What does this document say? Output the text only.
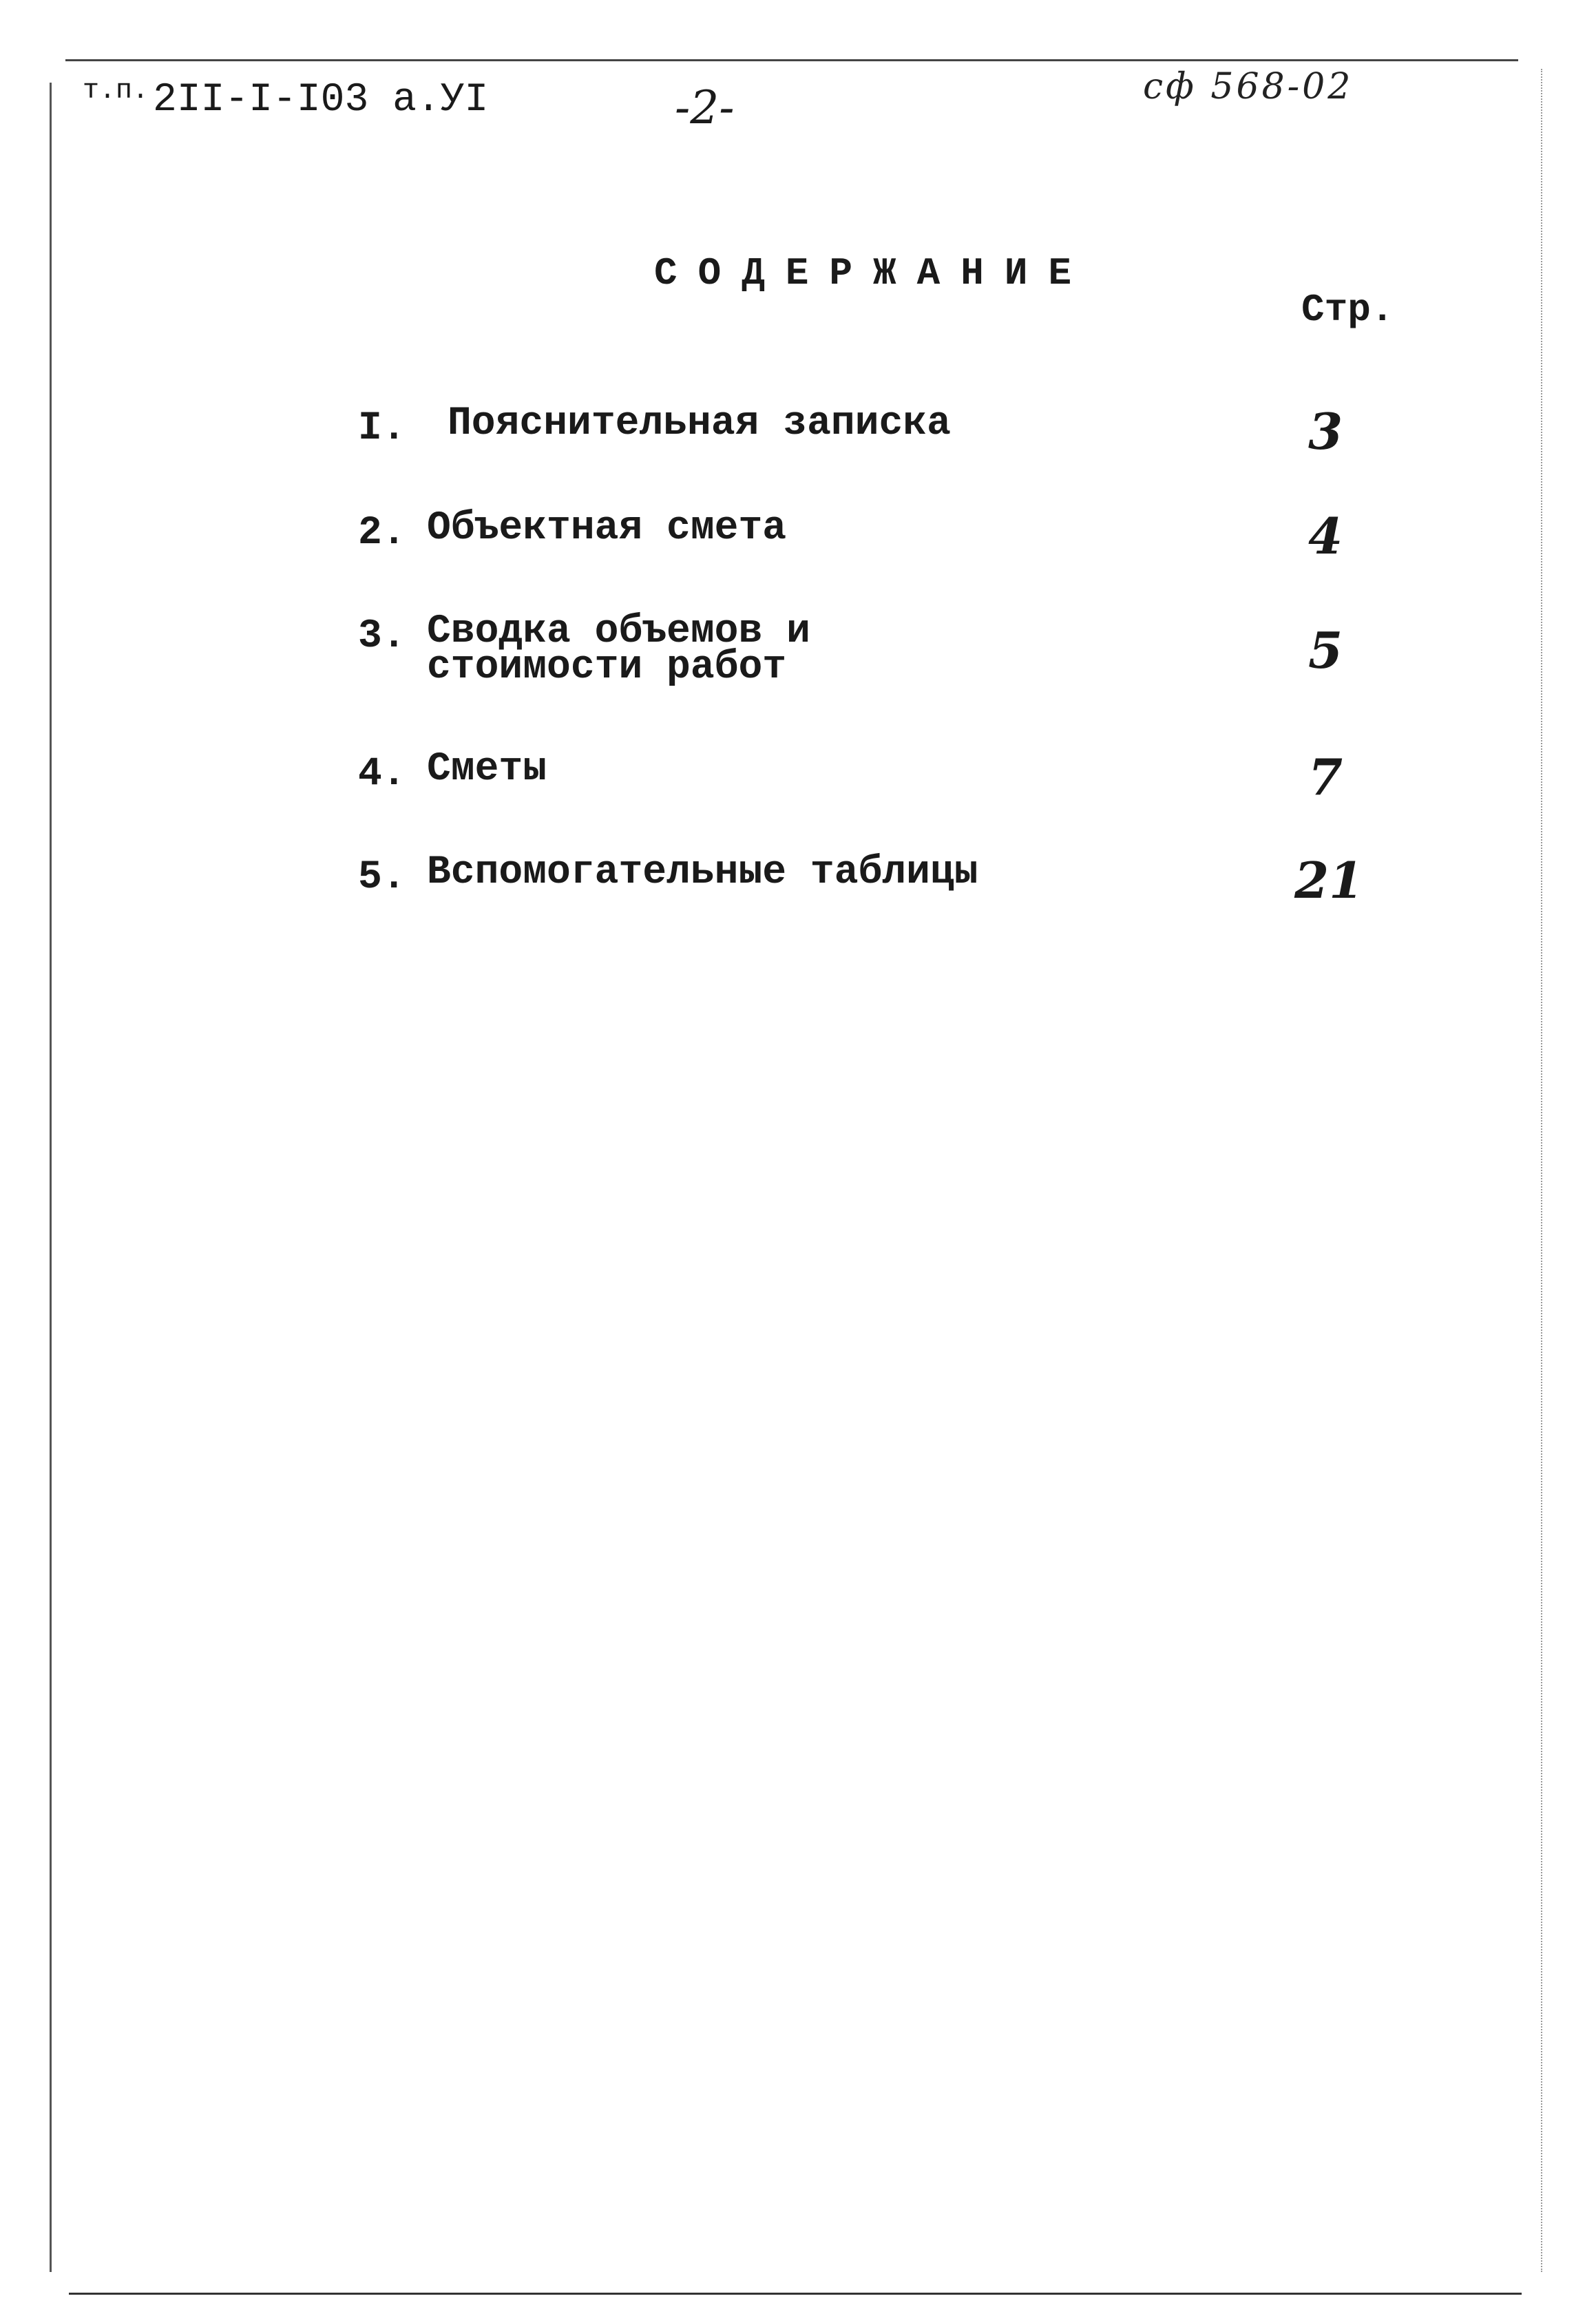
$^{т.п.}$ 2II-I-I03 а.УI	-2-	сф 568-02
СОДЕРЖАНИЕ
Стр.
I. Пояснительная записка	3
2. Объектная смета	4
3. Сводка объемов и стоимости работ	5
4. Сметы	7
5. Вспомогательные таблицы	21
